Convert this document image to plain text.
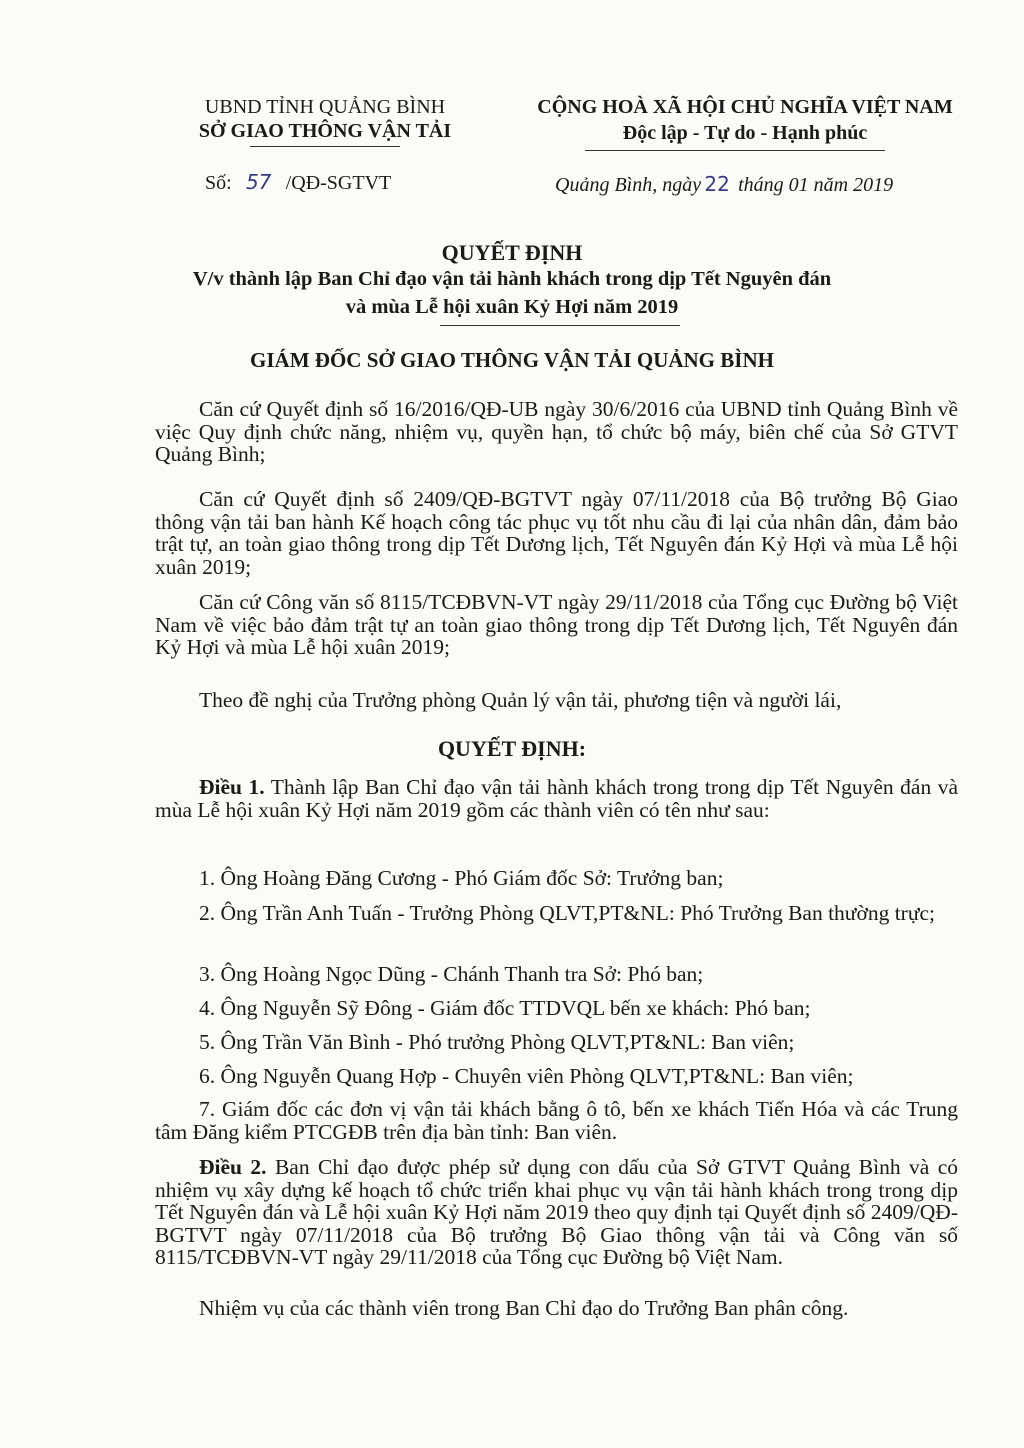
UBND TỈNH QUẢNG BÌNH
SỞ GIAO THÔNG VẬN TẢI
CỘNG HOÀ XÃ HỘI CHỦ NGHĨA VIỆT NAM
Độc lập - Tự do - Hạnh phúc
Số: 57 /QĐ-SGTVT	Quảng Bình, ngày 22 tháng 01 năm 2019
QUYẾT ĐỊNH
V/v thành lập Ban Chỉ đạo vận tải hành khách trong dịp Tết Nguyên đán
và mùa Lễ hội xuân Kỷ Hợi năm 2019
GIÁM ĐỐC SỞ GIAO THÔNG VẬN TẢI QUẢNG BÌNH
Căn cứ Quyết định số 16/2016/QĐ-UB ngày 30/6/2016 của UBND tỉnh Quảng Bình về việc Quy định chức năng, nhiệm vụ, quyền hạn, tổ chức bộ máy, biên chế của Sở GTVT Quảng Bình;
Căn cứ Quyết định số 2409/QĐ-BGTVT ngày 07/11/2018 của Bộ trưởng Bộ Giao thông vận tải ban hành Kế hoạch công tác phục vụ tốt nhu cầu đi lại của nhân dân, đảm bảo trật tự, an toàn giao thông trong dịp Tết Dương lịch, Tết Nguyên đán Kỷ Hợi và mùa Lễ hội xuân 2019;
Căn cứ Công văn số 8115/TCĐBVN-VT ngày 29/11/2018 của Tổng cục Đường bộ Việt Nam về việc bảo đảm trật tự an toàn giao thông trong dịp Tết Dương lịch, Tết Nguyên đán Kỷ Hợi và mùa Lễ hội xuân 2019;
Theo đề nghị của Trưởng phòng Quản lý vận tải, phương tiện và người lái,
QUYẾT ĐỊNH:
Điều 1. Thành lập Ban Chỉ đạo vận tải hành khách trong trong dịp Tết Nguyên đán và mùa Lễ hội xuân Kỷ Hợi năm 2019 gồm các thành viên có tên như sau:
1. Ông Hoàng Đăng Cương - Phó Giám đốc Sở: Trưởng ban;
2. Ông Trần Anh Tuấn - Trưởng Phòng QLVT,PT&NL: Phó Trưởng Ban thường trực;
3. Ông Hoàng Ngọc Dũng - Chánh Thanh tra Sở: Phó ban;
4. Ông Nguyễn Sỹ Đông - Giám đốc TTDVQL bến xe khách: Phó ban;
5. Ông Trần Văn Bình - Phó trưởng Phòng QLVT,PT&NL: Ban viên;
6. Ông Nguyễn Quang Hợp - Chuyên viên Phòng QLVT,PT&NL: Ban viên;
7. Giám đốc các đơn vị vận tải khách bằng ô tô, bến xe khách Tiến Hóa và các Trung tâm Đăng kiểm PTCGĐB trên địa bàn tỉnh: Ban viên.
Điều 2. Ban Chỉ đạo được phép sử dụng con dấu của Sở GTVT Quảng Bình và có nhiệm vụ xây dựng kế hoạch tổ chức triển khai phục vụ vận tải hành khách trong trong dịp Tết Nguyên đán và Lễ hội xuân Kỷ Hợi năm 2019 theo quy định tại Quyết định số 2409/QĐ-BGTVT ngày 07/11/2018 của Bộ trưởng Bộ Giao thông vận tải và Công văn số 8115/TCĐBVN-VT ngày 29/11/2018 của Tổng cục Đường bộ Việt Nam.
Nhiệm vụ của các thành viên trong Ban Chỉ đạo do Trưởng Ban phân công.
